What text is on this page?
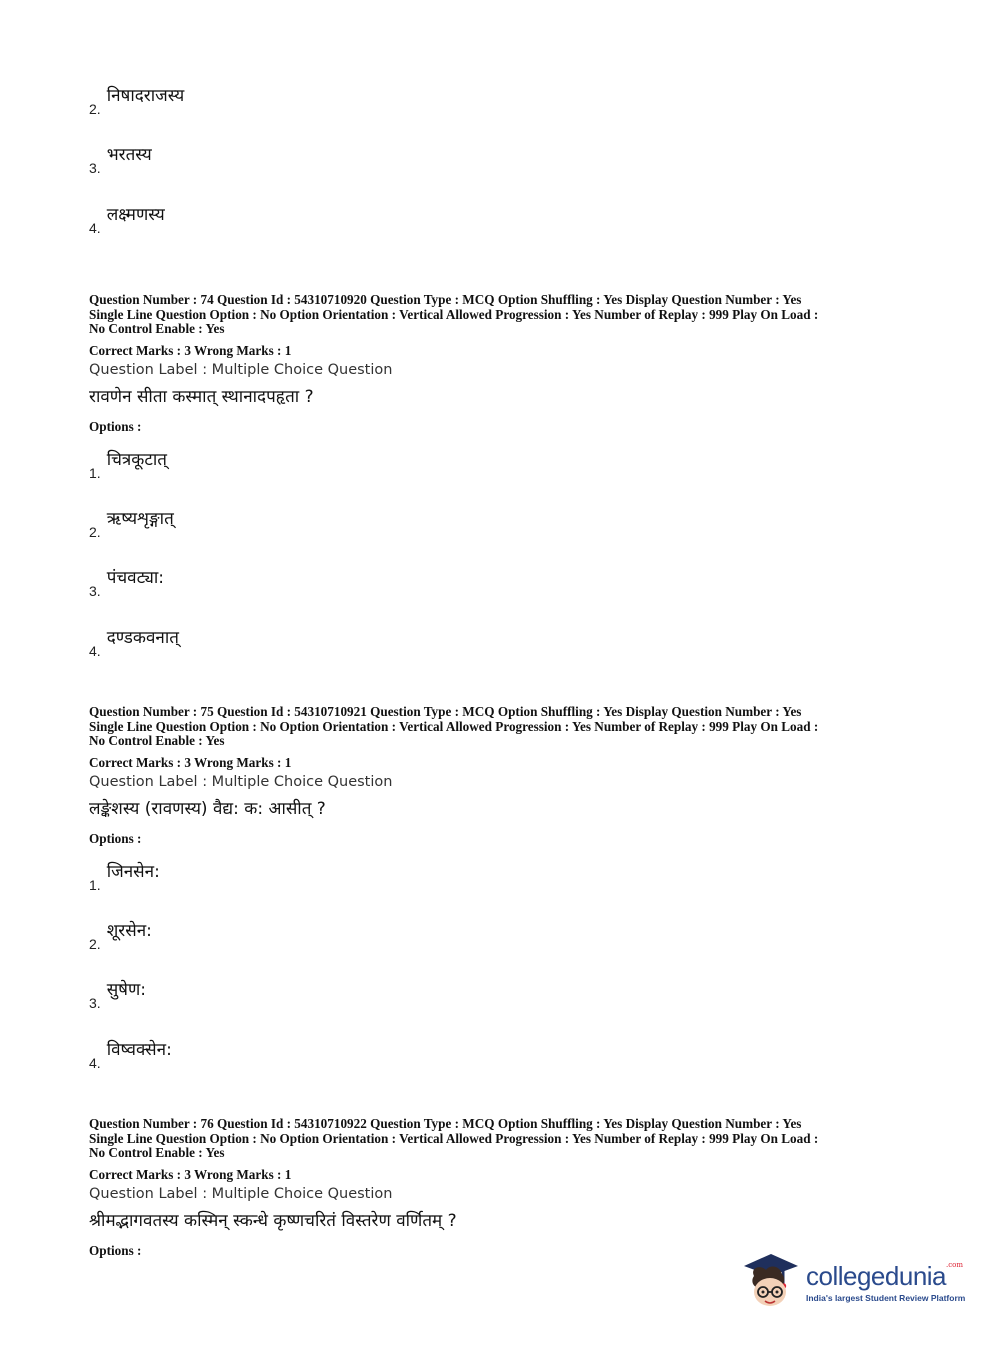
2.
निषादराजस्य
3.
भरतस्य
4.
लक्ष्मणस्य
Question Number : 74 Question Id : 54310710920 Question Type : MCQ Option Shuffling : Yes Display Question Number : Yes
Single Line Question Option : No Option Orientation : Vertical Allowed Progression : Yes Number of Replay : 999 Play On Load :
No Control Enable : Yes
Correct Marks : 3 Wrong Marks : 1
Question Label : Multiple Choice Question
रावणेन सीता कस्मात् स्थानादपहृता ?
Options :
1.
चित्रकूटात्
2.
ऋष्यशृङ्गात्
3.
पंचवट्या:
4.
दण्डकवनात्
Question Number : 75 Question Id : 54310710921 Question Type : MCQ Option Shuffling : Yes Display Question Number : Yes
Single Line Question Option : No Option Orientation : Vertical Allowed Progression : Yes Number of Replay : 999 Play On Load :
No Control Enable : Yes
Correct Marks : 3 Wrong Marks : 1
Question Label : Multiple Choice Question
लङ्केशस्य (रावणस्य) वैद्य: क: आसीत् ?
Options :
1.
जिनसेन:
2.
शूरसेन:
3.
सुषेण:
4.
विष्वक्सेन:
Question Number : 76 Question Id : 54310710922 Question Type : MCQ Option Shuffling : Yes Display Question Number : Yes
Single Line Question Option : No Option Orientation : Vertical Allowed Progression : Yes Number of Replay : 999 Play On Load :
No Control Enable : Yes
Correct Marks : 3 Wrong Marks : 1
Question Label : Multiple Choice Question
श्रीमद्भागवतस्य कस्मिन् स्कन्धे कृष्णचरितं विस्तरेण वर्णितम् ?
Options :
collegedunia$^{.com}$
India's largest Student Review Platform
